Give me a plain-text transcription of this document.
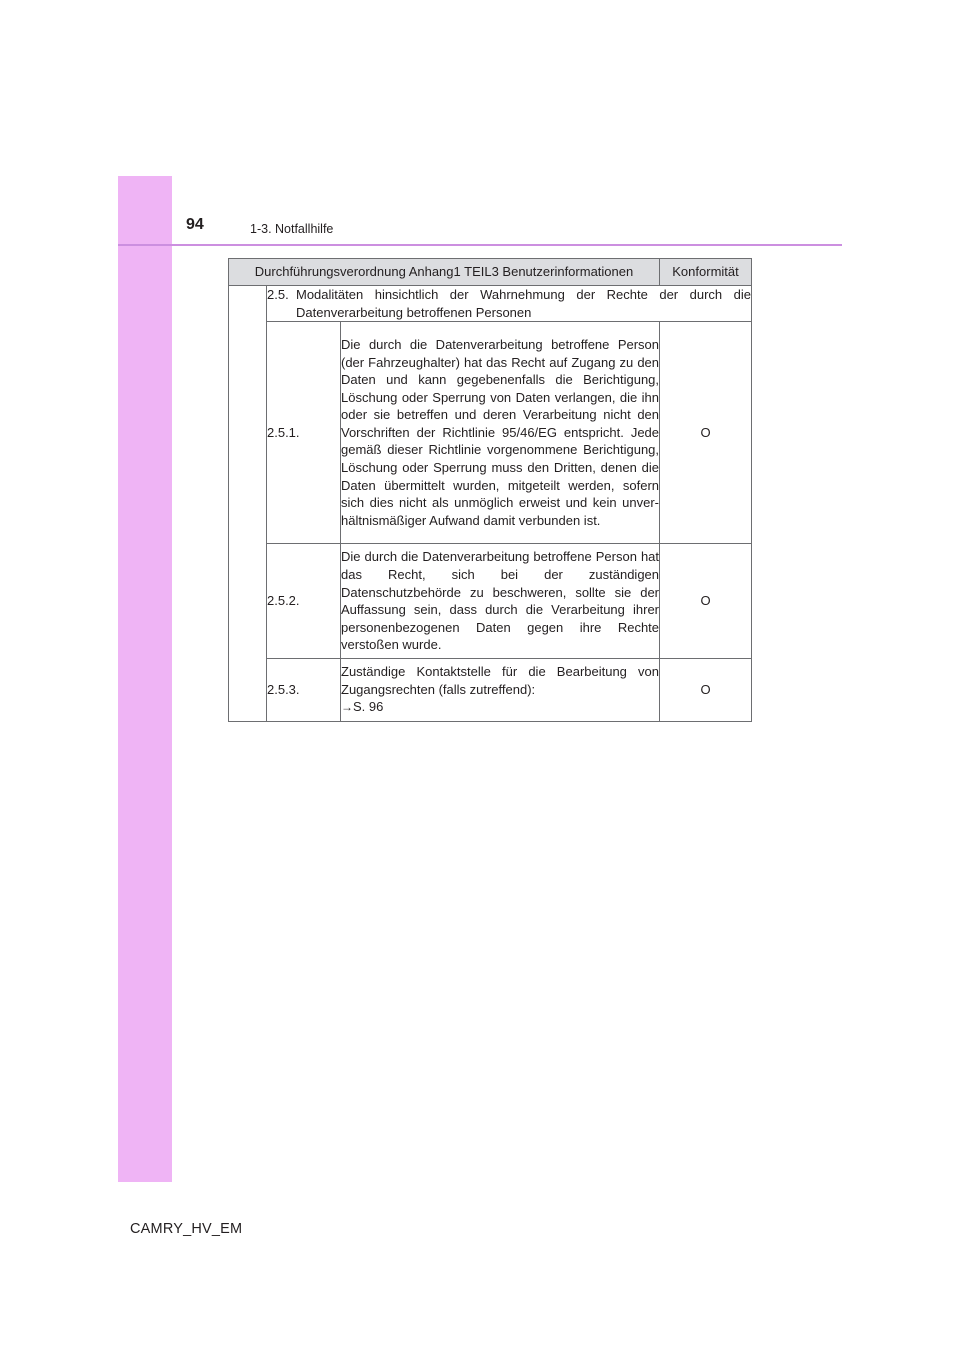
94	1-3. Notfallhilfe
Durchführungsverordnung Anhang1 TEIL3 Benutzerinformationen			Konformität

	2.5. Modalitäten hinsichtlich der Wahrnehmung der Rechte der durch die Datenverarbeitung betroffenen Personen		

	2.5.1.	Die durch die Datenverarbeitung betroffene Person (der Fahrzeughalter) hat das Recht auf Zugang zu den Daten und kann gegebenenfalls die Berichtigung, Löschung oder Sperrung von Daten verlangen, die ihn oder sie betreffen und deren Verarbeitung nicht den Vorschriften der Richtlinie 95/46/EG entspricht. Jede gemäß dieser Richtlinie vorgenommene Berichtigung, Löschung oder Sperrung muss den Dritten, denen die Daten übermittelt wurden, mitgeteilt werden, sofern sich dies nicht als unmöglich erweist und kein unverhältnismäßiger Aufwand damit verbunden ist.	O
	2.5.2.	Die durch die Datenverarbeitung betroffene Person hat das Recht, sich bei der zuständigen Datenschutzbehörde zu beschweren, sollte sie der Auffassung sein, dass durch die Verarbeitung ihrer personenbezogenen Daten gegen ihre Rechte verstoßen wurde.	O
	2.5.3.	Zuständige Kontaktstelle für die Bearbeitung von Zugangsrechten (falls zutreffend):
→S. 96	O
CAMRY_HV_EM
